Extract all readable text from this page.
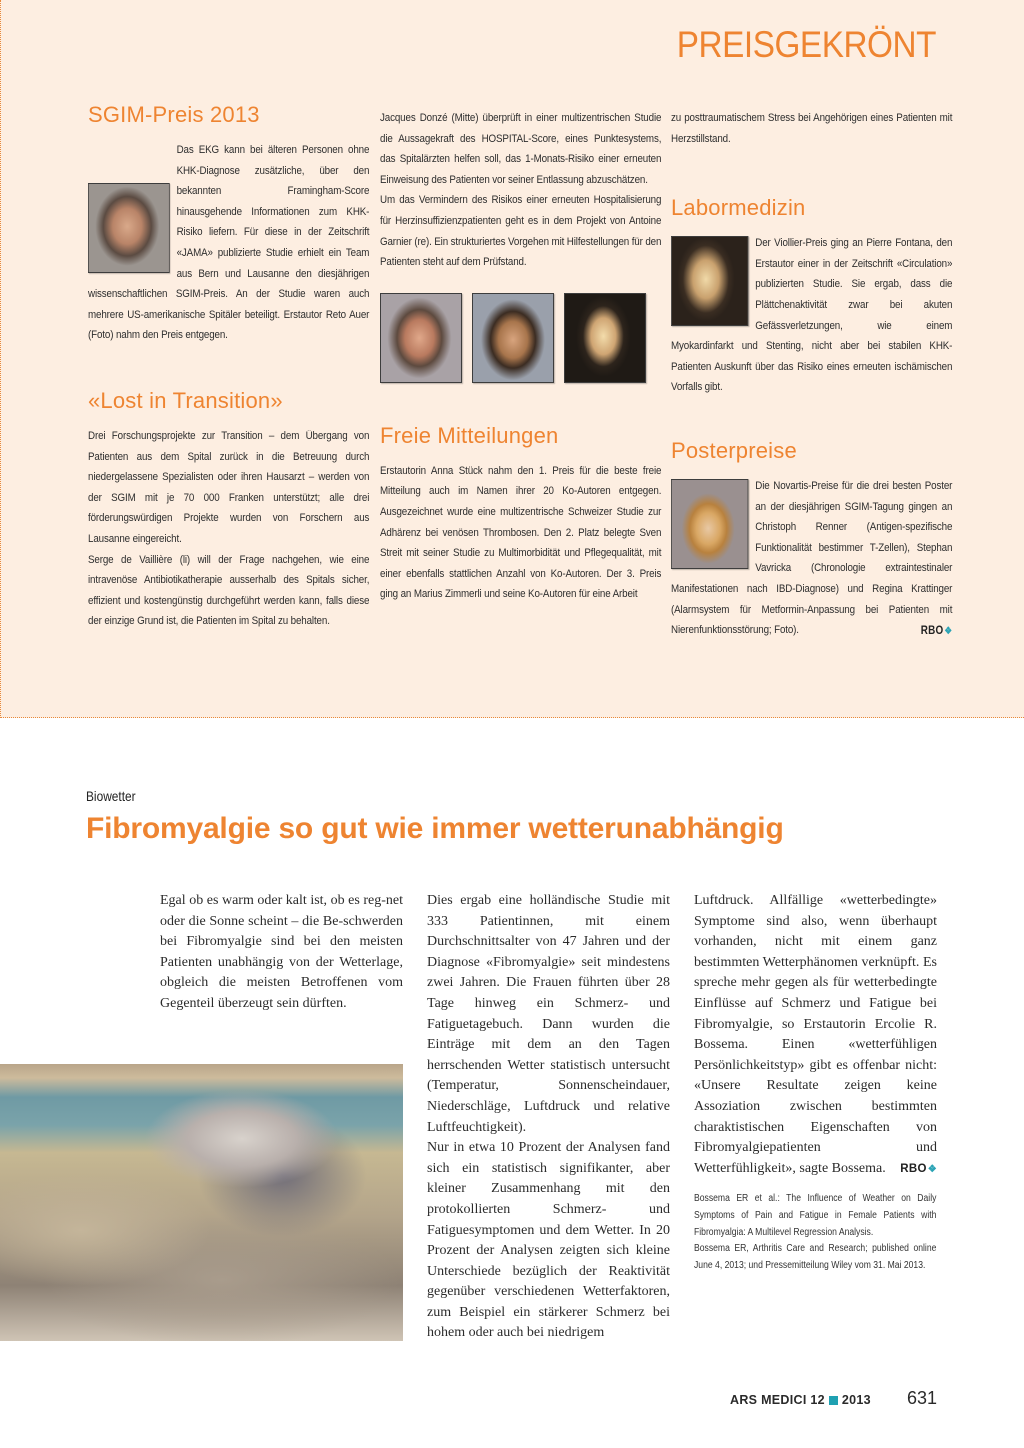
PREISGEKRÖNT
SGIM-Preis 2013

Das EKG kann bei älteren Personen ohne KHK-Diagnose zusätzliche, über den bekannten Framingham-Score hinausgehende Informationen zum KHK-Risiko liefern. Für diese in der Zeitschrift «JAMA» publizierte Studie erhielt ein Team aus Bern und Lausanne den diesjährigen wissenschaftlichen SGIM-Preis. An der Studie waren auch mehrere US-amerikanische Spitäler beteiligt. Erstautor Reto Auer (Foto) nahm den Preis entgegen.

«Lost in Transition»

Drei Forschungsprojekte zur Transition – dem Übergang von Patienten aus dem Spital zurück in die Betreuung durch niedergelassene Spezialisten oder ihren Hausarzt – werden von der SGIM mit je 70 000 Franken unterstützt; alle drei förderungswürdigen Projekte wurden von Forschern aus Lausanne eingereicht.

Serge de Vaillière (li) will der Frage nachgehen, wie eine intravenöse Antibiotikatherapie ausserhalb des Spitals sicher, effizient und kostengünstig durchgeführt werden kann, falls diese der einzige Grund ist, die Patienten im Spital zu behalten.

Jacques Donzé (Mitte) überprüft in einer multizentrischen Studie die Aussagekraft des HOSPITAL-Score, eines Punktesystems, das Spitalärzten helfen soll, das 1-Monats-Risiko einer erneuten Einweisung des Patienten vor seiner Entlassung abzuschätzen.

Um das Vermindern des Risikos einer erneuten Hospitalisierung für Herzinsuffizienzpatienten geht es in dem Projekt von Antoine Garnier (re). Ein strukturiertes Vorgehen mit Hilfestellungen für den Patienten steht auf dem Prüfstand.

Freie Mitteilungen

Erstautorin Anna Stück nahm den 1. Preis für die beste freie Mitteilung auch im Namen ihrer 20 Ko-Autoren entgegen. Ausgezeichnet wurde eine multizentrische Schweizer Studie zur Adhärenz bei venösen Thrombosen. Den 2. Platz belegte Sven Streit mit seiner Studie zu Multimorbidität und Pflegequalität, mit einer ebenfalls stattlichen Anzahl von Ko-Autoren. Der 3. Preis ging an Marius Zimmerli und seine Ko-Autoren für eine Arbeit

zu posttraumatischem Stress bei Angehörigen eines Patienten mit Herzstillstand.

Labormedizin

Der Viollier-Preis ging an Pierre Fontana, den Erstautor einer in der Zeitschrift «Circulation» publizierten Studie. Sie ergab, dass die Plättchenaktivität zwar bei akuten Gefässverletzungen, wie einem Myokardinfarkt und Stenting, nicht aber bei stabilen KHK-Patienten Auskunft über das Risiko eines erneuten ischämischen Vorfalls gibt.

Posterpreise

Die Novartis-Preise für die drei besten Poster an der diesjährigen SGIM-Tagung gingen an Christoph Renner (Antigen-spezifische Funktionalität bestimmer T-Zellen), Stephan Vavricka (Chronologie extraintestinaler Manifestationen nach IBD-Diagnose) und Regina Krattinger (Alarmsystem für Metformin-Anpassung bei Patienten mit Nierenfunktionsstörung; Foto).	RBO❖

Biowetter
Fibromyalgie so gut wie immer wetterunabhängig

Egal ob es warm oder kalt ist, ob es reg-net oder die Sonne scheint – die Be-schwerden bei Fibromyalgie sind bei den meisten Patienten unabhängig von der Wetterlage, obgleich die meisten Betroffenen vom Gegenteil überzeugt sein dürften.

Dies ergab eine holländische Studie mit 333 Patientinnen, mit einem Durchschnittsalter von 47 Jahren und der Diagnose «Fibromyalgie» seit mindestens zwei Jahren. Die Frauen führten über 28 Tage hinweg ein Schmerz- und Fatiguetagebuch. Dann wurden die Einträge mit dem an den Tagen herrschenden Wetter statistisch untersucht (Temperatur, Sonnenscheindauer, Niederschläge, Luftdruck und relative Luftfeuchtigkeit).

Nur in etwa 10 Prozent der Analysen fand sich ein statistisch signifikanter, aber kleiner Zusammenhang mit den protokollierten Schmerz- und Fatiguesymptomen und dem Wetter. In 20 Prozent der Analysen zeigten sich kleine Unterschiede bezüglich der Reaktivität gegenüber verschiedenen Wetterfaktoren, zum Beispiel ein stärkerer Schmerz bei hohem oder auch bei niedrigem

Luftdruck. Allfällige «wetterbedingte» Symptome sind also, wenn überhaupt vorhanden, nicht mit einem ganz bestimmten Wetterphänomen verknüpft. Es spreche mehr gegen als für wetterbedingte Einflüsse auf Schmerz und Fatigue bei Fibromyalgie, so Erstautorin Ercolie R. Bossema. Einen «wetterfühligen Persönlichkeitstyp» gibt es offenbar nicht: «Unsere Resultate zeigen keine Assoziation zwischen bestimmten charaktistischen Eigenschaften von Fibromyalgiepatienten und Wetterfühligkeit», sagte Bossema.	RBO❖

Bossema ER et al.: The Influence of Weather on Daily Symptoms of Pain and Fatigue in Female Patients with Fibromyalgia: A Multilevel Regression Analysis.

Bossema ER, Arthritis Care and Research; published online June 4, 2013; und Pressemitteilung Wiley vom 31. Mai 2013.

ARS MEDICI 12 2013 631
